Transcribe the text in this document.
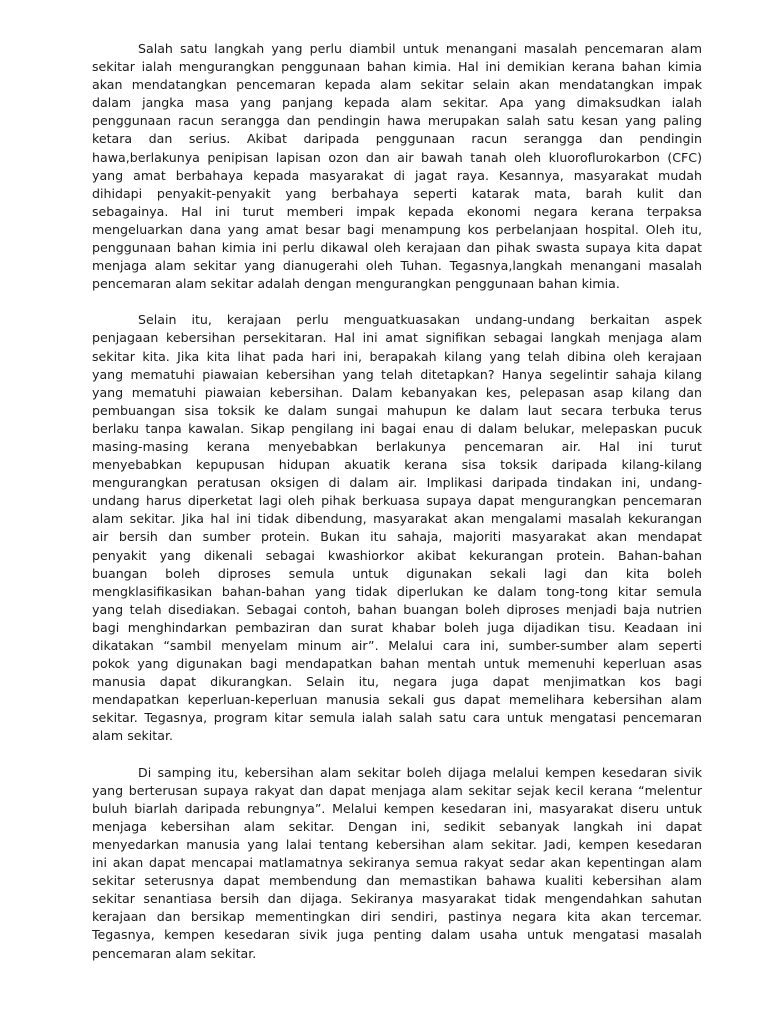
Salah satu langkah yang perlu diambil untuk menangani masalah pencemaran alam
sekitar ialah mengurangkan penggunaan bahan kimia. Hal ini demikian kerana bahan kimia
akan mendatangkan pencemaran kepada alam sekitar selain akan mendatangkan impak
dalam jangka masa yang panjang kepada alam sekitar. Apa yang dimaksudkan ialah
penggunaan racun serangga dan pendingin hawa merupakan salah satu kesan yang paling
ketara dan serius. Akibat daripada penggunaan racun serangga dan pendingin
hawa,berlakunya penipisan lapisan ozon dan air bawah tanah oleh kluoroflurokarbon (CFC)
yang amat berbahaya kepada masyarakat di jagat raya. Kesannya, masyarakat mudah
dihidapi penyakit-penyakit yang berbahaya seperti katarak mata, barah kulit dan
sebagainya. Hal ini turut memberi impak kepada ekonomi negara kerana terpaksa
mengeluarkan dana yang amat besar bagi menampung kos perbelanjaan hospital. Oleh itu,
penggunaan bahan kimia ini perlu dikawal oleh kerajaan dan pihak swasta supaya kita dapat
menjaga alam sekitar yang dianugerahi oleh Tuhan. Tegasnya,langkah menangani masalah
pencemaran alam sekitar adalah dengan mengurangkan penggunaan bahan kimia.
Selain itu, kerajaan perlu menguatkuasakan undang-undang berkaitan aspek
penjagaan kebersihan persekitaran. Hal ini amat signifikan sebagai langkah menjaga alam
sekitar kita. Jika kita lihat pada hari ini, berapakah kilang yang telah dibina oleh kerajaan
yang mematuhi piawaian kebersihan yang telah ditetapkan? Hanya segelintir sahaja kilang
yang mematuhi piawaian kebersihan. Dalam kebanyakan kes, pelepasan asap kilang dan
pembuangan sisa toksik ke dalam sungai mahupun ke dalam laut secara terbuka terus
berlaku tanpa kawalan. Sikap pengilang ini bagai enau di dalam belukar, melepaskan pucuk
masing-masing kerana menyebabkan berlakunya pencemaran air. Hal ini turut
menyebabkan kepupusan hidupan akuatik kerana sisa toksik daripada kilang-kilang
mengurangkan peratusan oksigen di dalam air. Implikasi daripada tindakan ini, undang-
undang harus diperketat lagi oleh pihak berkuasa supaya dapat mengurangkan pencemaran
alam sekitar. Jika hal ini tidak dibendung, masyarakat akan mengalami masalah kekurangan
air bersih dan sumber protein. Bukan itu sahaja, majoriti masyarakat akan mendapat
penyakit yang dikenali sebagai kwashiorkor akibat kekurangan protein. Bahan-bahan
buangan boleh diproses semula untuk digunakan sekali lagi dan kita boleh
mengklasifikasikan bahan-bahan yang tidak diperlukan ke dalam tong-tong kitar semula
yang telah disediakan. Sebagai contoh, bahan buangan boleh diproses menjadi baja nutrien
bagi menghindarkan pembaziran dan surat khabar boleh juga dijadikan tisu. Keadaan ini
dikatakan “sambil menyelam minum air”. Melalui cara ini, sumber-sumber alam seperti
pokok yang digunakan bagi mendapatkan bahan mentah untuk memenuhi keperluan asas
manusia dapat dikurangkan. Selain itu, negara juga dapat menjimatkan kos bagi
mendapatkan keperluan-keperluan manusia sekali gus dapat memelihara kebersihan alam
sekitar. Tegasnya, program kitar semula ialah salah satu cara untuk mengatasi pencemaran
alam sekitar.
Di samping itu, kebersihan alam sekitar boleh dijaga melalui kempen kesedaran sivik
yang berterusan supaya rakyat dan dapat menjaga alam sekitar sejak kecil kerana “melentur
buluh biarlah daripada rebungnya”. Melalui kempen kesedaran ini, masyarakat diseru untuk
menjaga kebersihan alam sekitar. Dengan ini, sedikit sebanyak langkah ini dapat
menyedarkan manusia yang lalai tentang kebersihan alam sekitar. Jadi, kempen kesedaran
ini akan dapat mencapai matlamatnya sekiranya semua rakyat sedar akan kepentingan alam
sekitar seterusnya dapat membendung dan memastikan bahawa kualiti kebersihan alam
sekitar senantiasa bersih dan dijaga. Sekiranya masyarakat tidak mengendahkan sahutan
kerajaan dan bersikap mementingkan diri sendiri, pastinya negara kita akan tercemar.
Tegasnya, kempen kesedaran sivik juga penting dalam usaha untuk mengatasi masalah
pencemaran alam sekitar.
